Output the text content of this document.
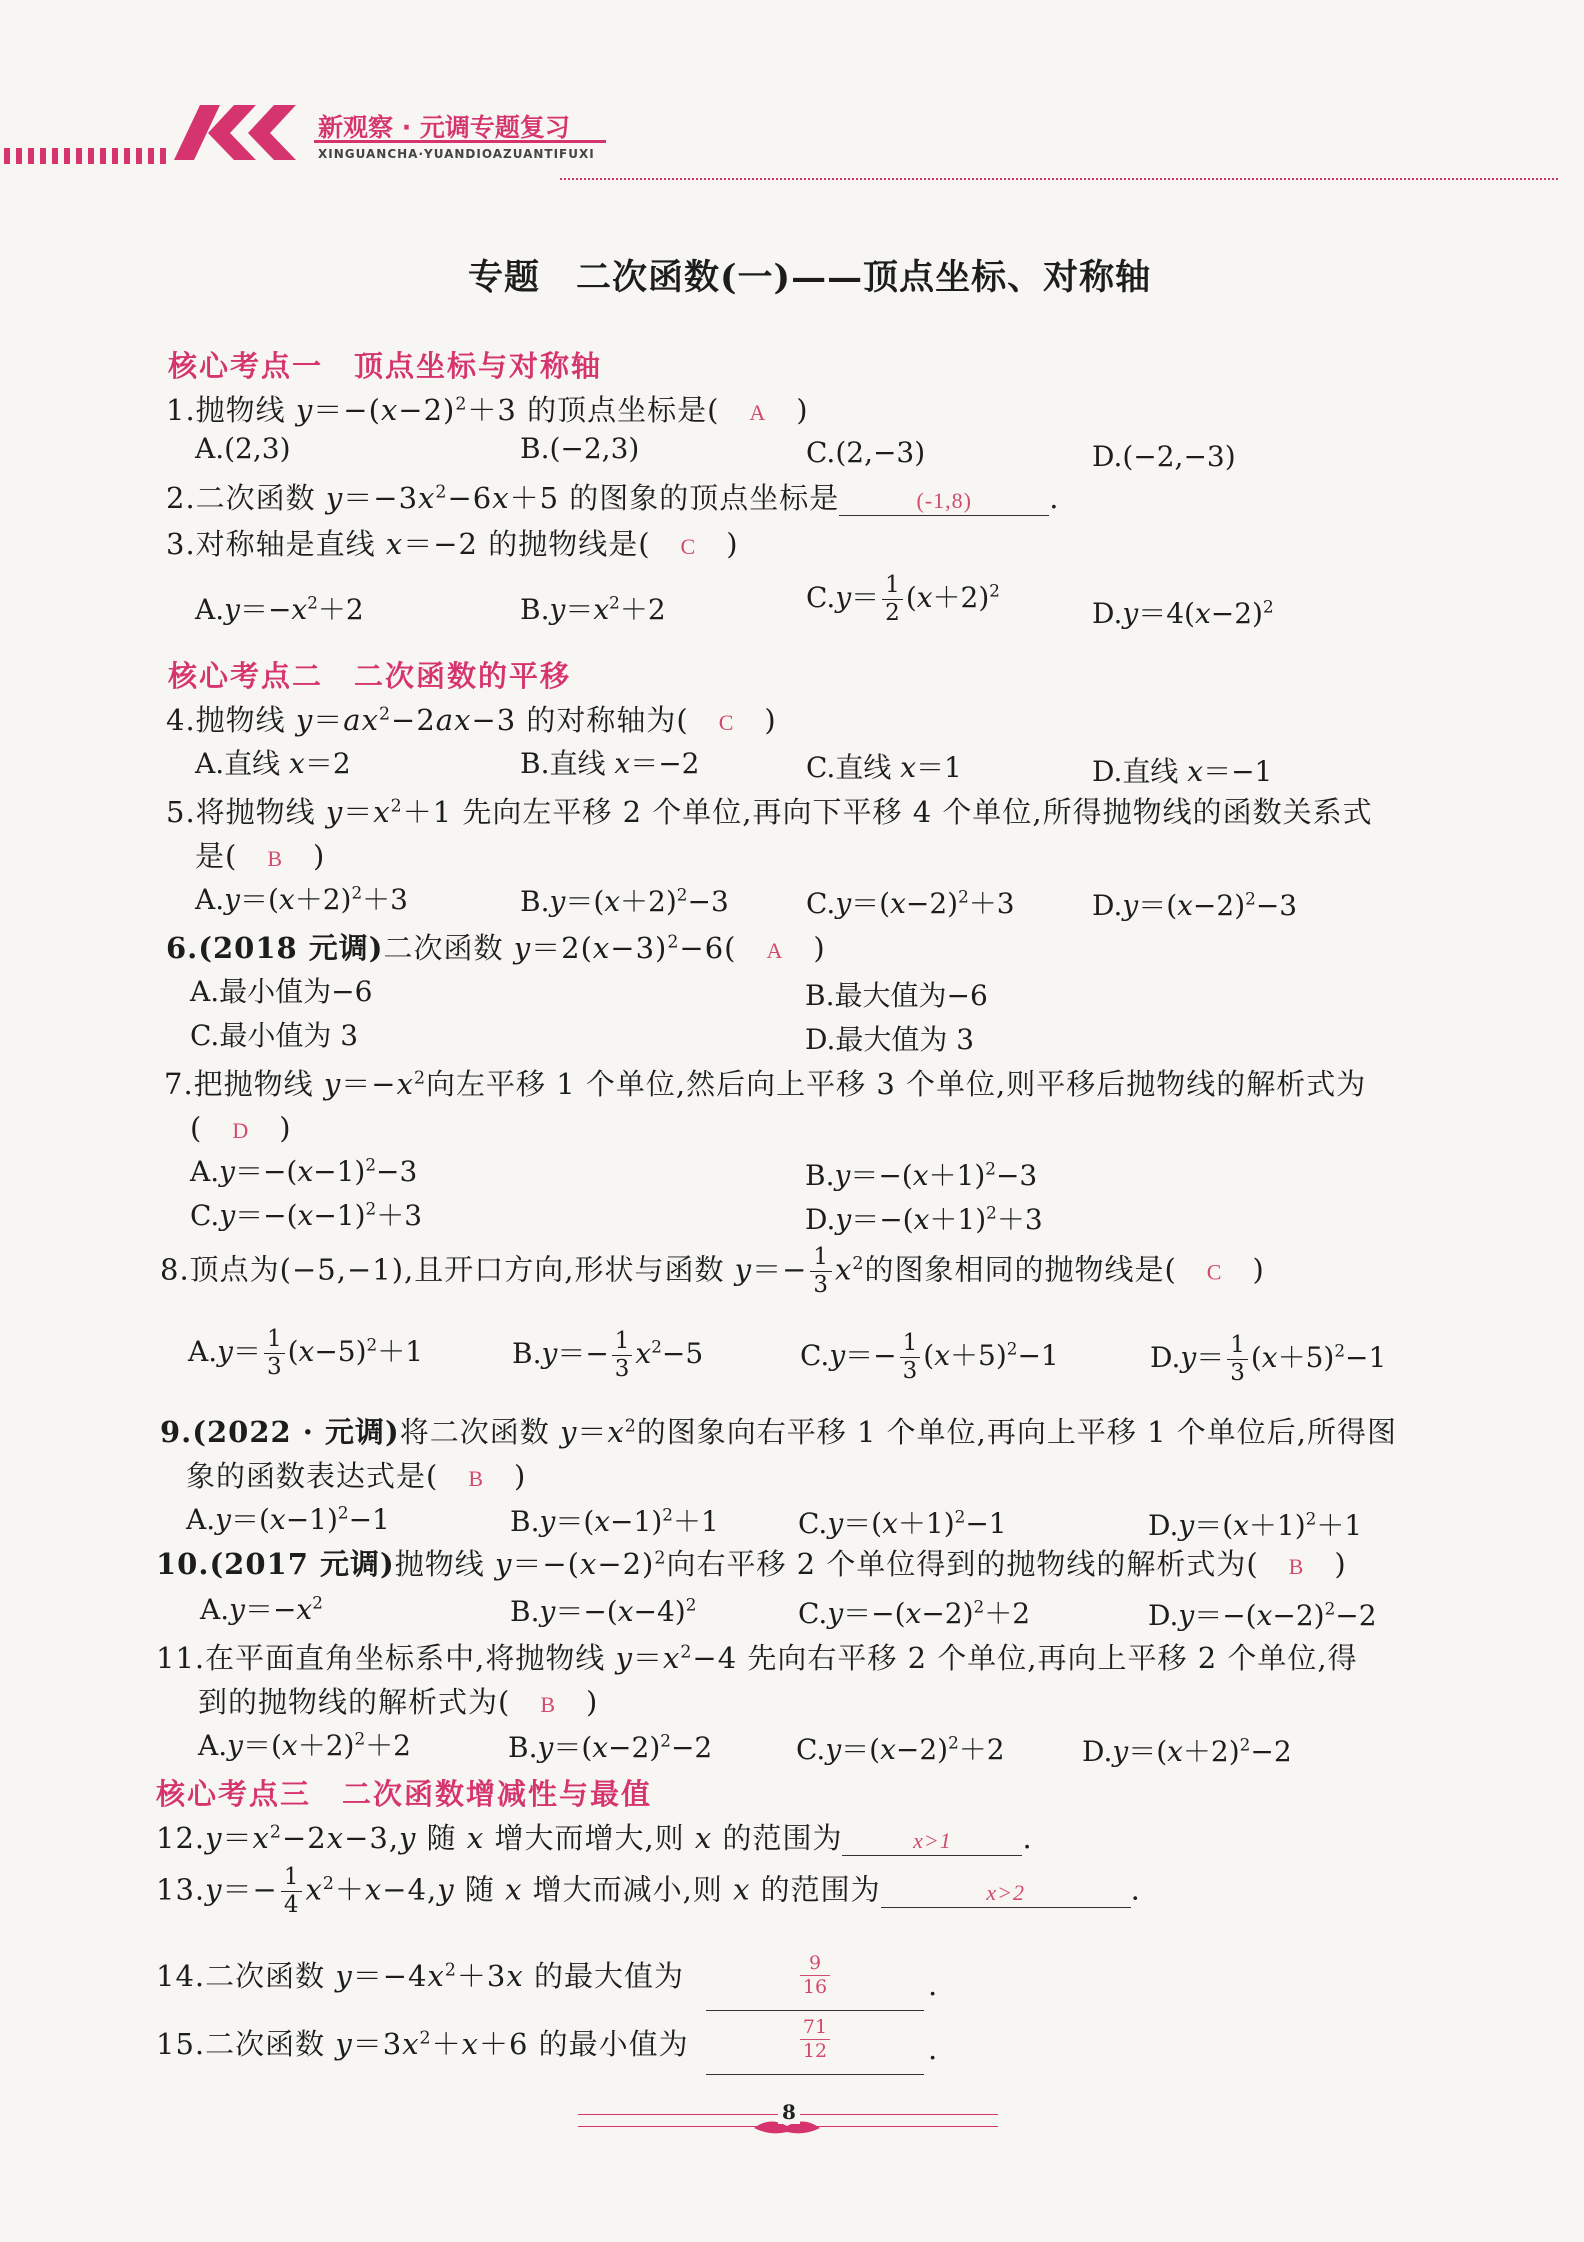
新观察 · 元调专题复习
XINGUANCHA·YUANDIOAZUANTIFUXI
专题　二次函数(一)——顶点坐标、对称轴
核心考点一　顶点坐标与对称轴
1.抛物线 $y=-(x-2)^2+3$ 的顶点坐标是(　A　)
A.(2,3)	B.(−2,3)	C.(2,−3)	D.(−2,−3)
2.二次函数 $y=-3x^2-6x+5$ 的图象的顶点坐标是	(-1,8)	.
3.对称轴是直线 x＝−2 的抛物线是(　C　)
$A.y=-x^2+2$	$B.y=x^2+2$	$C.y= \frac{1}{2} (x+2)^2$
$D.y=4(x-2)^2$
核心考点二　二次函数的平移
4.抛物线 $y=ax^2-2ax-3$ 的对称轴为(　C　)
A.直线 x＝2	B.直线 x＝−2	C.直线 x＝1	D.直线 x＝−1
5.将抛物线 $y=x^2+1$ 先向左平移 2 个单位,再向下平移 4 个单位,所得抛物线的函数关系式
是(　B　)
$A.y=(x+2)^2+3$	$B.y=(x+2)^2-3$	$C.y=(x-2)^2+3$	$D.y=(x-2)^2-3$
6.(2018 元调)二次函数 $y=2(x-3)^2-6$(　A　)
A.最小值为−6	B.最大值为−6
C.最小值为 3	D.最大值为 3
7.把抛物线 $y=-x^2$向左平移 1 个单位,然后向上平移 3 个单位,则平移后抛物线的解析式为
(　D　)
$A.y=-(x-1)^2-3$	$B.y=-(x+1)^2-3$
$C.y=-(x-1)^2+3$	$D.y=-(x+1)^2+3$
8.顶点为(−5,−1),且开口方向,形状与函数 $y=- \frac{1}{3} x^2$的图象相同的抛物线是(　C　)
$A.y= \frac{1}{3} (x-5)^2+1$	$B.y=- \frac{1}{3} x^2-5$	$C.y=- \frac{1}{3} (x+5)^2-1$	$D.y= \frac{1}{3} (x+5)^2-1$
9.(2022 · 元调)将二次函数 $y=x^2$的图象向右平移 1 个单位,再向上平移 1 个单位后,所得图
象的函数表达式是(　B　)
$A.y=(x-1)^2-1$	$B.y=(x-1)^2+1$	$C.y=(x+1)^2-1$	$D.y=(x+1)^2+1$
10.(2017 元调)抛物线 $y=-(x-2)^2$向右平移 2 个单位得到的抛物线的解析式为(　B　)
$A.y=-x^2$	$B.y=-(x-4)^2$	$C.y=-(x-2)^2+2$	$D.y=-(x-2)^2-2$
11.在平面直角坐标系中,将抛物线 $y=x^2-4$ 先向右平移 2 个单位,再向上平移 2 个单位,得
到的抛物线的解析式为(　B　)
$A.y=(x+2)^2+2$	$B.y=(x-2)^2-2$	$C.y=(x-2)^2+2$	$D.y=(x+2)^2-2$
核心考点三　二次函数增减性与最值
$12.y=x^2-2x-3,y$ 随 x 增大而增大,则 x 的范围为	x>1 .
$13.y=- \frac{1}{4} x^2+x-4,y$ 随 x 增大而减小,则 x 的范围为	x>2	.
14.二次函数 $y=-4x^2+3x$ 的最大值为	$\frac{9}{16}$	.
15.二次函数 $y=3x^2+x+6$ 的最小值为	$\frac{71}{12}$	.
8
